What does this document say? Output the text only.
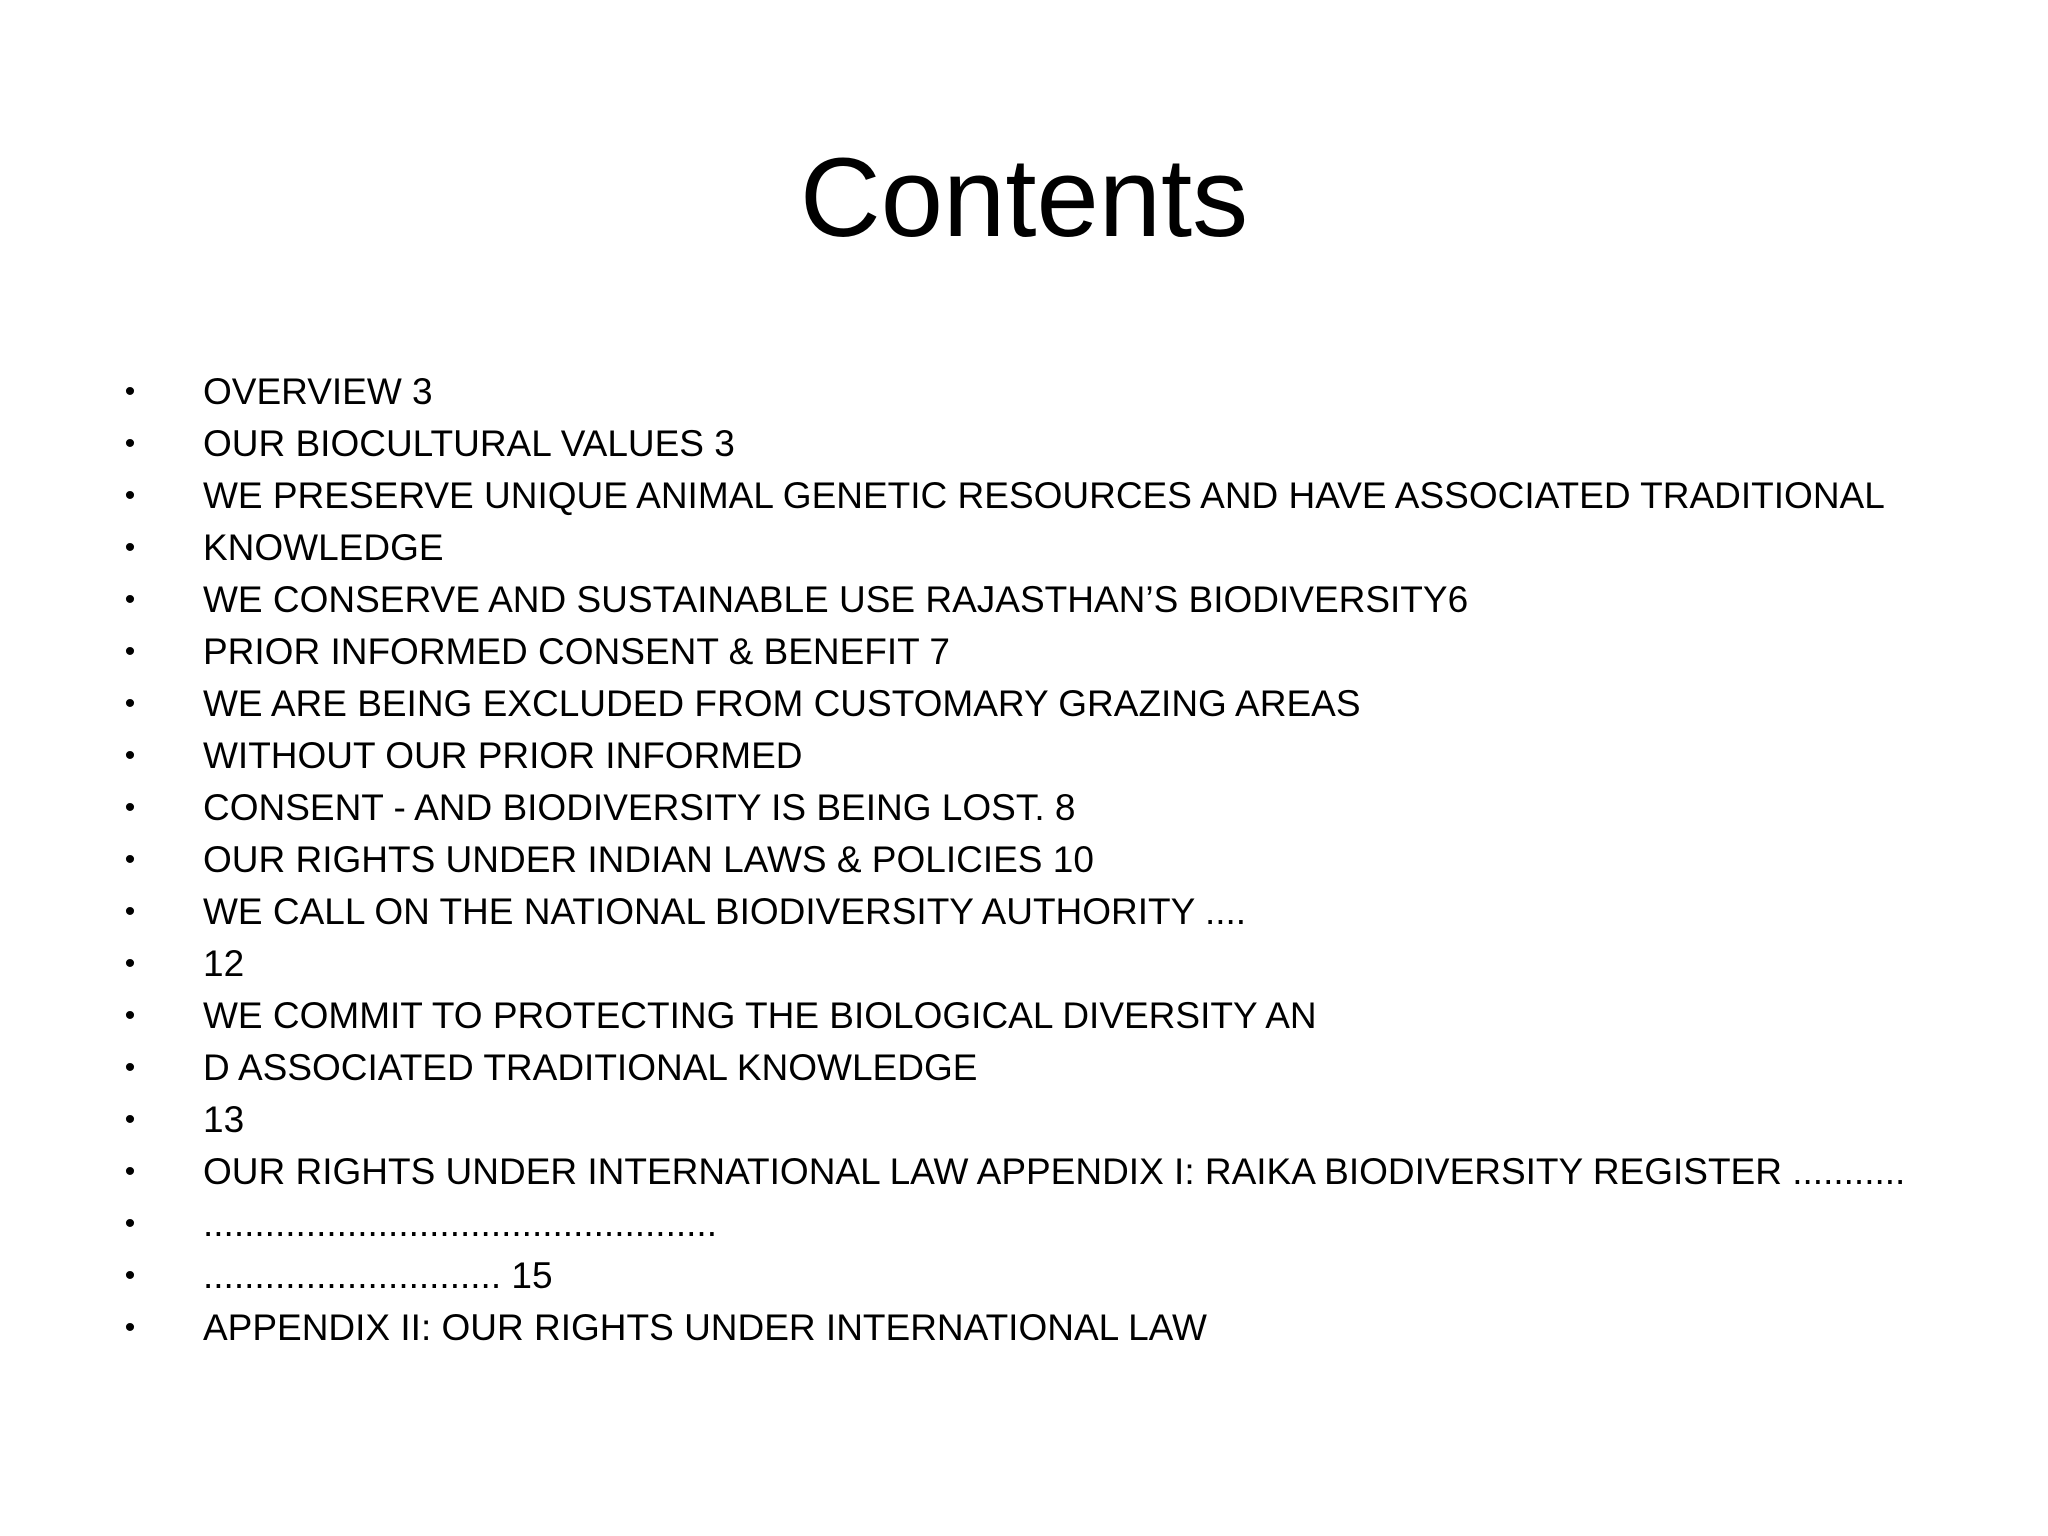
Contents
• OVERVIEW 3
• OUR BIOCULTURAL VALUES 3
• WE PRESERVE UNIQUE ANIMAL GENETIC RESOURCES AND HAVE ASSOCIATED TRADITIONAL
• KNOWLEDGE
• WE CONSERVE AND SUSTAINABLE USE RAJASTHAN’S BIODIVERSITY6
• PRIOR INFORMED CONSENT & BENEFIT 7
• WE ARE BEING EXCLUDED FROM CUSTOMARY GRAZING AREAS
• WITHOUT OUR PRIOR INFORMED
• CONSENT - AND BIODIVERSITY IS BEING LOST. 8
• OUR RIGHTS UNDER INDIAN LAWS & POLICIES 10
• WE CALL ON THE NATIONAL BIODIVERSITY AUTHORITY ....
• 12
• WE COMMIT TO PROTECTING THE BIOLOGICAL DIVERSITY AN
• D ASSOCIATED TRADITIONAL KNOWLEDGE
• 13
• OUR RIGHTS UNDER INTERNATIONAL LAW APPENDIX I: RAIKA BIODIVERSITY REGISTER ...........
• ..................................................
• ............................. 15
• APPENDIX II: OUR RIGHTS UNDER INTERNATIONAL LAW
